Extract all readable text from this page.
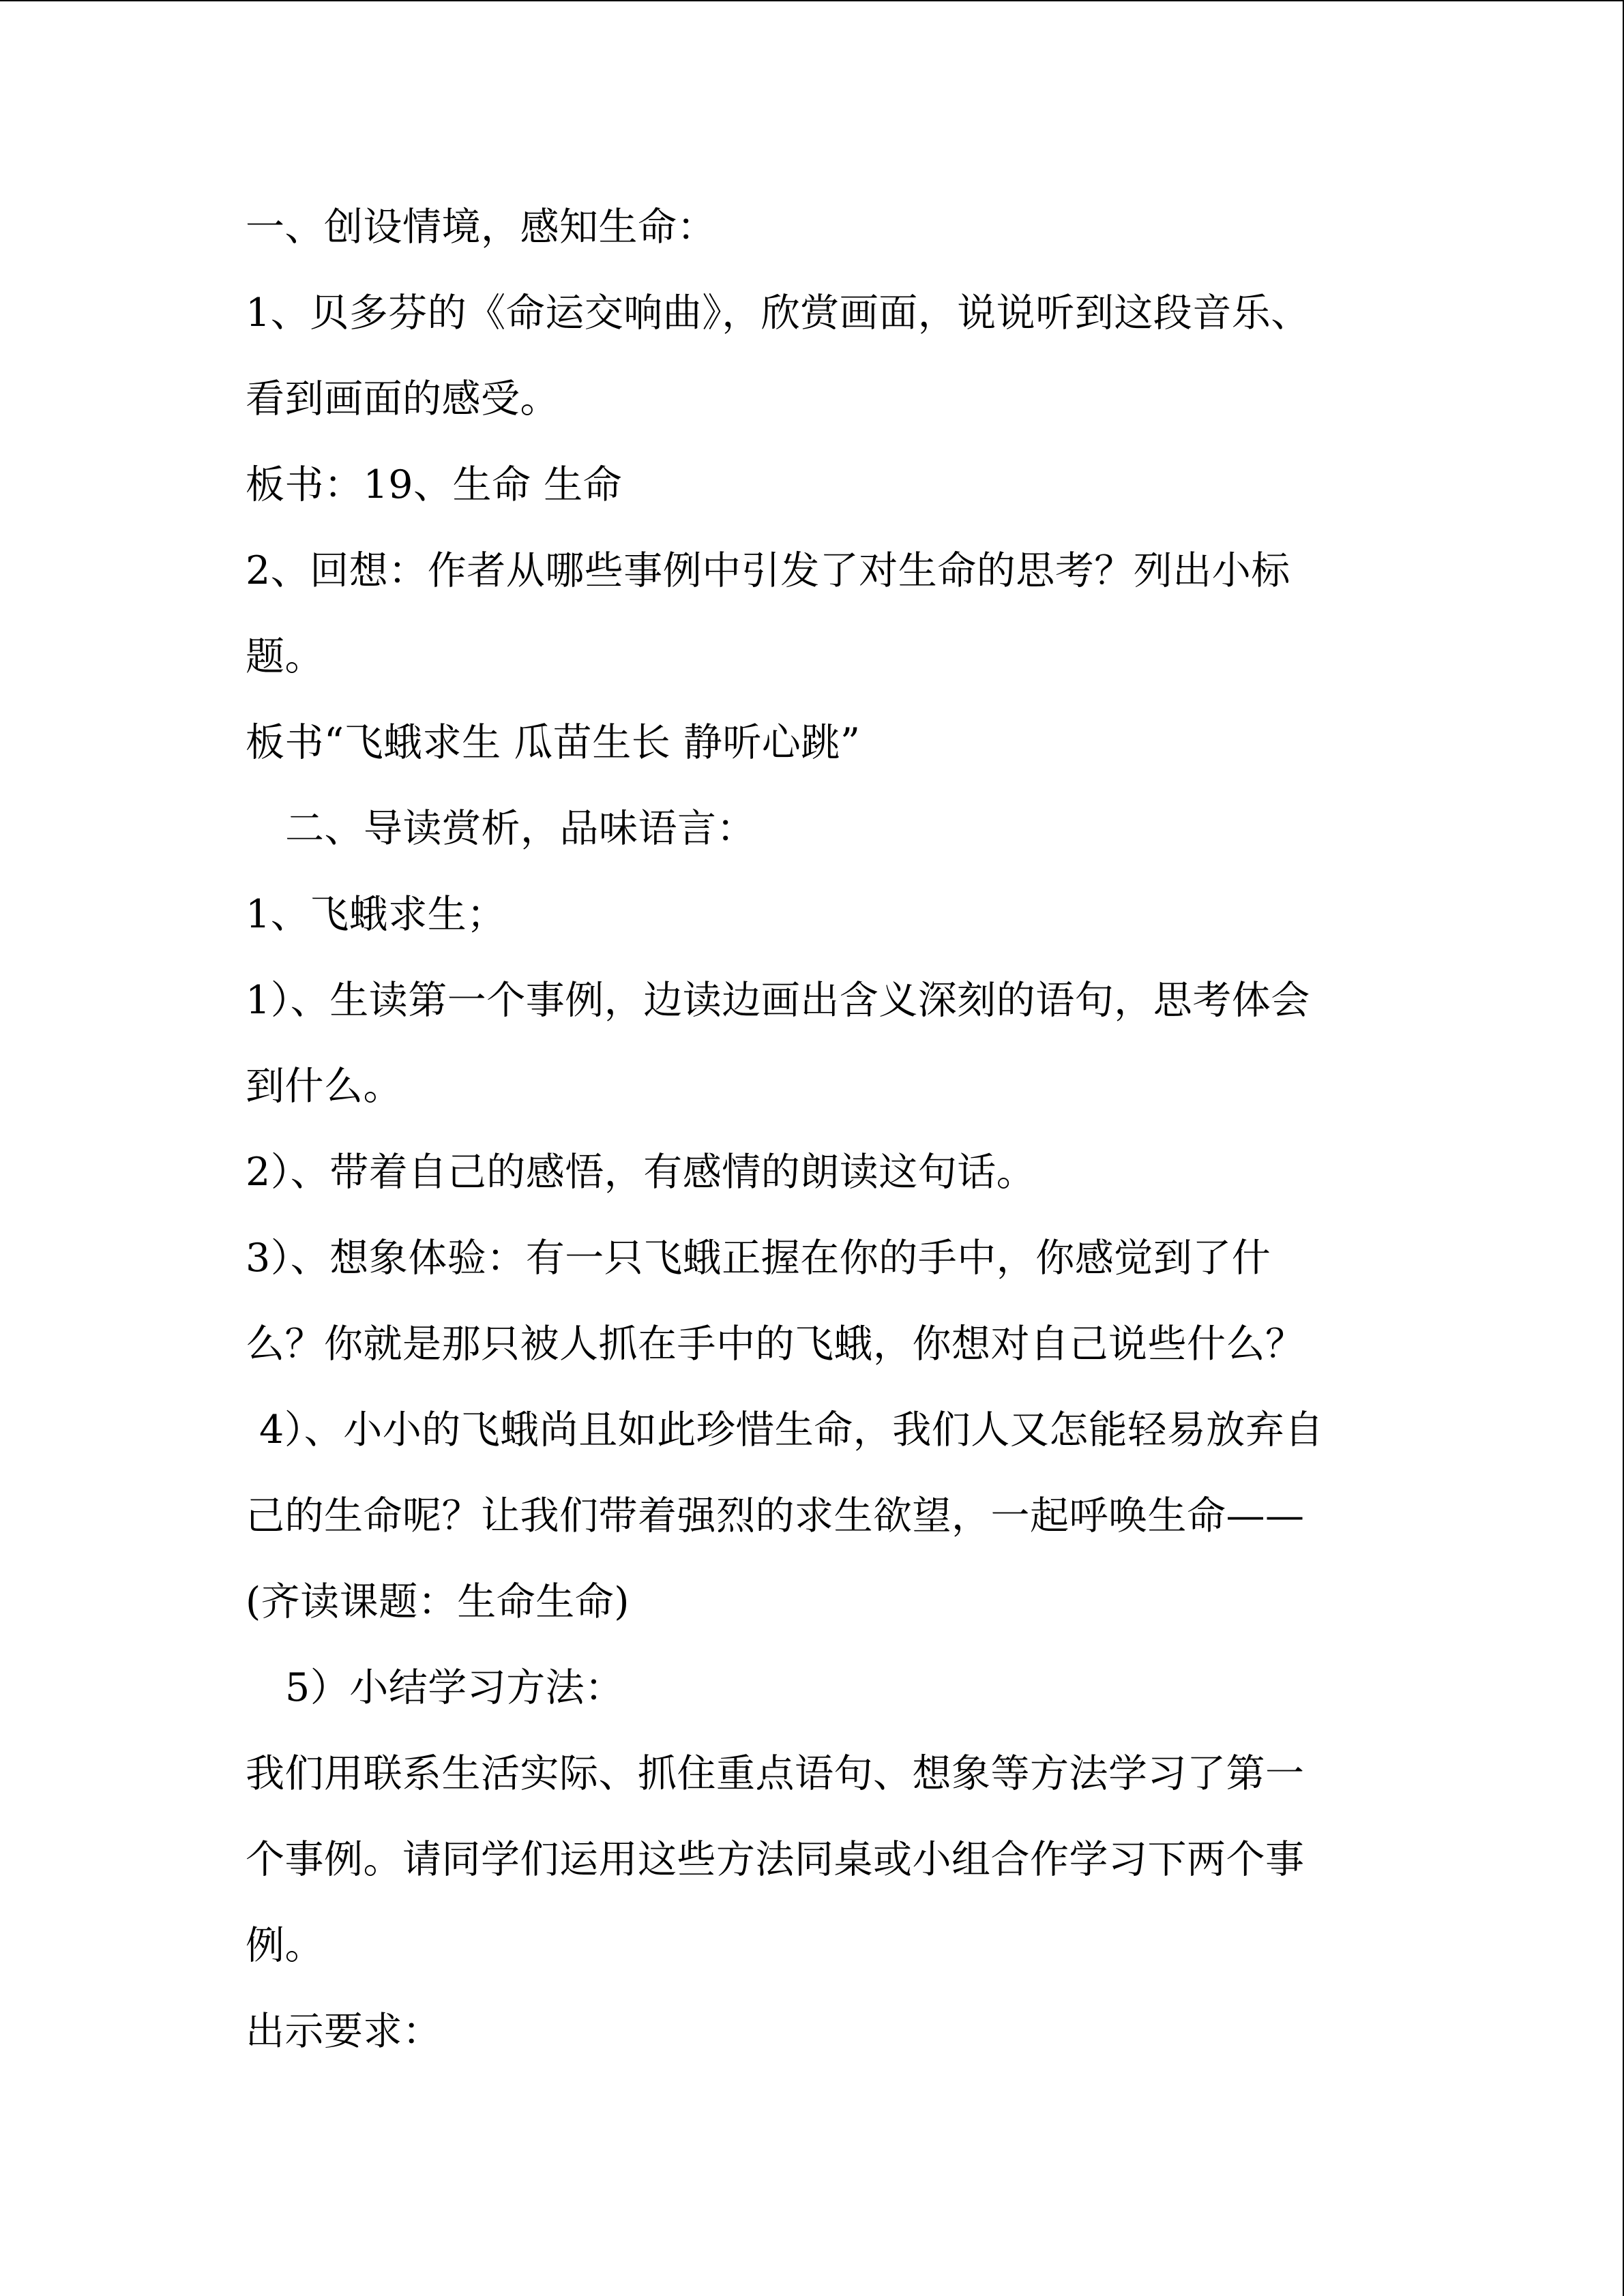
一、创设情境，感知生命：

1、贝多芬的《命运交响曲》，欣赏画面，说说听到这段音乐、

看到画面的感受。

板书：19、生命 生命

2、回想：作者从哪些事例中引发了对生命的思考？列出小标

题。

板书“飞蛾求生 瓜苗生长 静听心跳”

二、导读赏析，品味语言：

1、飞蛾求生；

1）、生读第一个事例，边读边画出含义深刻的语句，思考体会

到什么。

2）、带着自己的感悟，有感情的朗读这句话。

3）、想象体验：有一只飞蛾正握在你的手中，你感觉到了什

么？你就是那只被人抓在手中的飞蛾，你想对自己说些什么？

4）、小小的飞蛾尚且如此珍惜生命，我们人又怎能轻易放弃自

己的生命呢？让我们带着强烈的求生欲望，一起呼唤生命——

(齐读课题：生命生命)

5）小结学习方法：

我们用联系生活实际、抓住重点语句、想象等方法学习了第一

个事例。请同学们运用这些方法同桌或小组合作学习下两个事

例。

出示要求：
